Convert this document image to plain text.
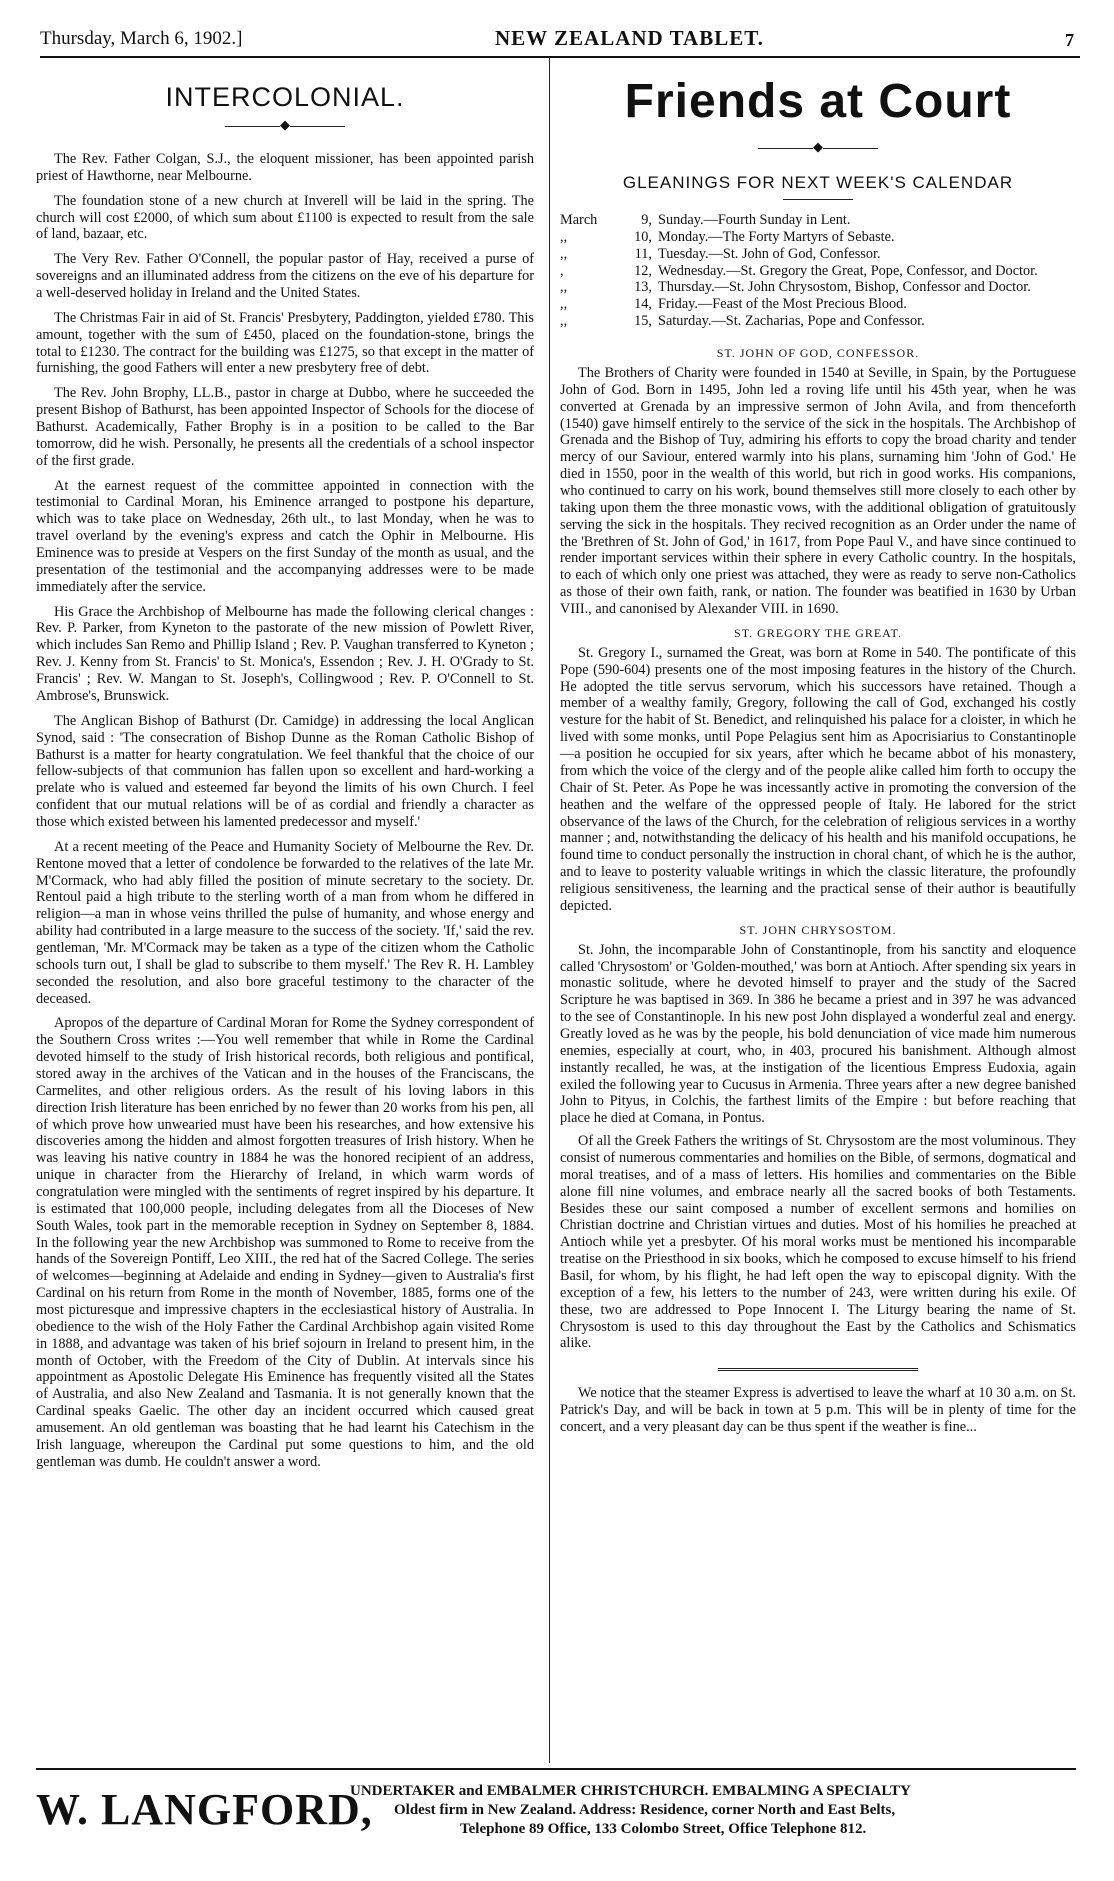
Thursday, March 6, 1902.]	NEW ZEALAND TABLET.	7
INTERCOLONIAL.
◆

The Rev. Father Colgan, S.J., the eloquent missioner, has been appointed parish priest of Hawthorne, near Melbourne.

The foundation stone of a new church at Inverell will be laid in the spring. The church will cost £2000, of which sum about £1100 is expected to result from the sale of land, bazaar, etc.

The Very Rev. Father O'Connell, the popular pastor of Hay, received a purse of sovereigns and an illuminated address from the citizens on the eve of his departure for a well-deserved holiday in Ireland and the United States.

The Christmas Fair in aid of St. Francis' Presbytery, Paddington, yielded £780. This amount, together with the sum of £450, placed on the foundation-stone, brings the total to £1230. The contract for the building was £1275, so that except in the matter of furnishing, the good Fathers will enter a new presbytery free of debt.

The Rev. John Brophy, LL.B., pastor in charge at Dubbo, where he succeeded the present Bishop of Bathurst, has been appointed Inspector of Schools for the diocese of Bathurst. Academically, Father Brophy is in a position to be called to the Bar tomorrow, did he wish. Personally, he presents all the credentials of a school inspector of the first grade.

At the earnest request of the committee appointed in connection with the testimonial to Cardinal Moran, his Eminence arranged to postpone his departure, which was to take place on Wednesday, 26th ult., to last Monday, when he was to travel overland by the evening's express and catch the Ophir in Melbourne. His Eminence was to preside at Vespers on the first Sunday of the month as usual, and the presentation of the testimonial and the accompanying addresses were to be made immediately after the service.

His Grace the Archbishop of Melbourne has made the following clerical changes : Rev. P. Parker, from Kyneton to the pastorate of the new mission of Powlett River, which includes San Remo and Phillip Island ; Rev. P. Vaughan transferred to Kyneton ; Rev. J. Kenny from St. Francis' to St. Monica's, Essendon ; Rev. J. H. O'Grady to St. Francis' ; Rev. W. Mangan to St. Joseph's, Collingwood ; Rev. P. O'Connell to St. Ambrose's, Brunswick.

The Anglican Bishop of Bathurst (Dr. Camidge) in addressing the local Anglican Synod, said : 'The consecration of Bishop Dunne as the Roman Catholic Bishop of Bathurst is a matter for hearty congratulation. We feel thankful that the choice of our fellow-subjects of that communion has fallen upon so excellent and hard-working a prelate who is valued and esteemed far beyond the limits of his own Church. I feel confident that our mutual relations will be of as cordial and friendly a character as those which existed between his lamented predecessor and myself.'

At a recent meeting of the Peace and Humanity Society of Melbourne the Rev. Dr. Rentone moved that a letter of condolence be forwarded to the relatives of the late Mr. M'Cormack, who had ably filled the position of minute secretary to the society. Dr. Rentoul paid a high tribute to the sterling worth of a man from whom he differed in religion—a man in whose veins thrilled the pulse of humanity, and whose energy and ability had contributed in a large measure to the success of the society. 'If,' said the rev. gentleman, 'Mr. M'Cormack may be taken as a type of the citizen whom the Catholic schools turn out, I shall be glad to subscribe to them myself.' The Rev R. H. Lambley seconded the resolution, and also bore graceful testimony to the character of the deceased.

Apropos of the departure of Cardinal Moran for Rome the Sydney correspondent of the Southern Cross writes :—You well remember that while in Rome the Cardinal devoted himself to the study of Irish historical records, both religious and pontifical, stored away in the archives of the Vatican and in the houses of the Franciscans, the Carmelites, and other religious orders. As the result of his loving labors in this direction Irish literature has been enriched by no fewer than 20 works from his pen, all of which prove how unwearied must have been his researches, and how extensive his discoveries among the hidden and almost forgotten treasures of Irish history. When he was leaving his native country in 1884 he was the honored recipient of an address, unique in character from the Hierarchy of Ireland, in which warm words of congratulation were mingled with the sentiments of regret inspired by his departure. It is estimated that 100,000 people, including delegates from all the Dioceses of New South Wales, took part in the memorable reception in Sydney on September 8, 1884. In the following year the new Archbishop was summoned to Rome to receive from the hands of the Sovereign Pontiff, Leo XIII., the red hat of the Sacred College. The series of welcomes—beginning at Adelaide and ending in Sydney—given to Australia's first Cardinal on his return from Rome in the month of November, 1885, forms one of the most picturesque and impressive chapters in the ecclesiastical history of Australia. In obedience to the wish of the Holy Father the Cardinal Archbishop again visited Rome in 1888, and advantage was taken of his brief sojourn in Ireland to present him, in the month of October, with the Freedom of the City of Dublin. At intervals since his appointment as Apostolic Delegate His Eminence has frequently visited all the States of Australia, and also New Zealand and Tasmania. It is not generally known that the Cardinal speaks Gaelic. The other day an incident occurred which caused great amusement. An old gentleman was boasting that he had learnt his Catechism in the Irish language, whereupon the Cardinal put some questions to him, and the old gentleman was dumb. He couldn't answer a word.

Friends at Court
◆
GLEANINGS FOR NEXT WEEK'S CALENDAR
March	9, Sunday.—Fourth Sunday in Lent.
,,	10, Monday.—The Forty Martyrs of Sebaste.
,,	11, Tuesday.—St. John of God, Confessor.
,	12, Wednesday.—St. Gregory the Great, Pope, Confessor, and Doctor.
,,	13, Thursday.—St. John Chrysostom, Bishop, Confessor and Doctor.
,,	14, Friday.—Feast of the Most Precious Blood.
,,	15, Saturday.—St. Zacharias, Pope and Confessor.
ST. JOHN OF GOD, CONFESSOR.

The Brothers of Charity were founded in 1540 at Seville, in Spain, by the Portuguese John of God. Born in 1495, John led a roving life until his 45th year, when he was converted at Grenada by an impressive sermon of John Avila, and from thenceforth (1540) gave himself entirely to the service of the sick in the hospitals. The Archbishop of Grenada and the Bishop of Tuy, admiring his efforts to copy the broad charity and tender mercy of our Saviour, entered warmly into his plans, surnaming him 'John of God.' He died in 1550, poor in the wealth of this world, but rich in good works. His companions, who continued to carry on his work, bound themselves still more closely to each other by taking upon them the three monastic vows, with the additional obligation of gratuitously serving the sick in the hospitals. They recived recognition as an Order under the name of the 'Brethren of St. John of God,' in 1617, from Pope Paul V., and have since continued to render important services within their sphere in every Catholic country. In the hospitals, to each of which only one priest was attached, they were as ready to serve non-Catholics as those of their own faith, rank, or nation. The founder was beatified in 1630 by Urban VIII., and canonised by Alexander VIII. in 1690.

ST. GREGORY THE GREAT.

St. Gregory I., surnamed the Great, was born at Rome in 540. The pontificate of this Pope (590-604) presents one of the most imposing features in the history of the Church. He adopted the title servus servorum, which his successors have retained. Though a member of a wealthy family, Gregory, following the call of God, exchanged his costly vesture for the habit of St. Benedict, and relinquished his palace for a cloister, in which he lived with some monks, until Pope Pelagius sent him as Apocrisiarius to Constantinople—a position he occupied for six years, after which he became abbot of his monastery, from which the voice of the clergy and of the people alike called him forth to occupy the Chair of St. Peter. As Pope he was incessantly active in promoting the conversion of the heathen and the welfare of the oppressed people of Italy. He labored for the strict observance of the laws of the Church, for the celebration of religious services in a worthy manner ; and, notwithstanding the delicacy of his health and his manifold occupations, he found time to conduct personally the instruction in choral chant, of which he is the author, and to leave to posterity valuable writings in which the classic literature, the profoundly religious sensitiveness, the learning and the practical sense of their author is beautifully depicted.

ST. JOHN CHRYSOSTOM.

St. John, the incomparable John of Constantinople, from his sanctity and eloquence called 'Chrysostom' or 'Golden-mouthed,' was born at Antioch. After spending six years in monastic solitude, where he devoted himself to prayer and the study of the Sacred Scripture he was baptised in 369. In 386 he became a priest and in 397 he was advanced to the see of Constantinople. In his new post John displayed a wonderful zeal and energy. Greatly loved as he was by the people, his bold denunciation of vice made him numerous enemies, especially at court, who, in 403, procured his banishment. Although almost instantly recalled, he was, at the instigation of the licentious Empress Eudoxia, again exiled the following year to Cucusus in Armenia. Three years after a new degree banished John to Pityus, in Colchis, the farthest limits of the Empire : but before reaching that place he died at Comana, in Pontus.

Of all the Greek Fathers the writings of St. Chrysostom are the most voluminous. They consist of numerous commentaries and homilies on the Bible, of sermons, dogmatical and moral treatises, and of a mass of letters. His homilies and commentaries on the Bible alone fill nine volumes, and embrace nearly all the sacred books of both Testaments. Besides these our saint composed a number of excellent sermons and homilies on Christian doctrine and Christian virtues and duties. Most of his homilies he preached at Antioch while yet a presbyter. Of his moral works must be mentioned his incomparable treatise on the Priesthood in six books, which he composed to excuse himself to his friend Basil, for whom, by his flight, he had left open the way to episcopal dignity. With the exception of a few, his letters to the number of 243, were written during his exile. Of these, two are addressed to Pope Innocent I. The Liturgy bearing the name of St. Chrysostom is used to this day throughout the East by the Catholics and Schismatics alike.

We notice that the steamer Express is advertised to leave the wharf at 10 30 a.m. on St. Patrick's Day, and will be back in town at 5 p.m. This will be in plenty of time for the concert, and a very pleasant day can be thus spent if the weather is fine...

W. LANGFORD,
UNDERTAKER and EMBALMER CHRISTCHURCH. EMBALMING A SPECIALTY
Oldest firm in New Zealand. Address: Residence, corner North and East Belts,
Telephone 89 Office, 133 Colombo Street, Office Telephone 812.
